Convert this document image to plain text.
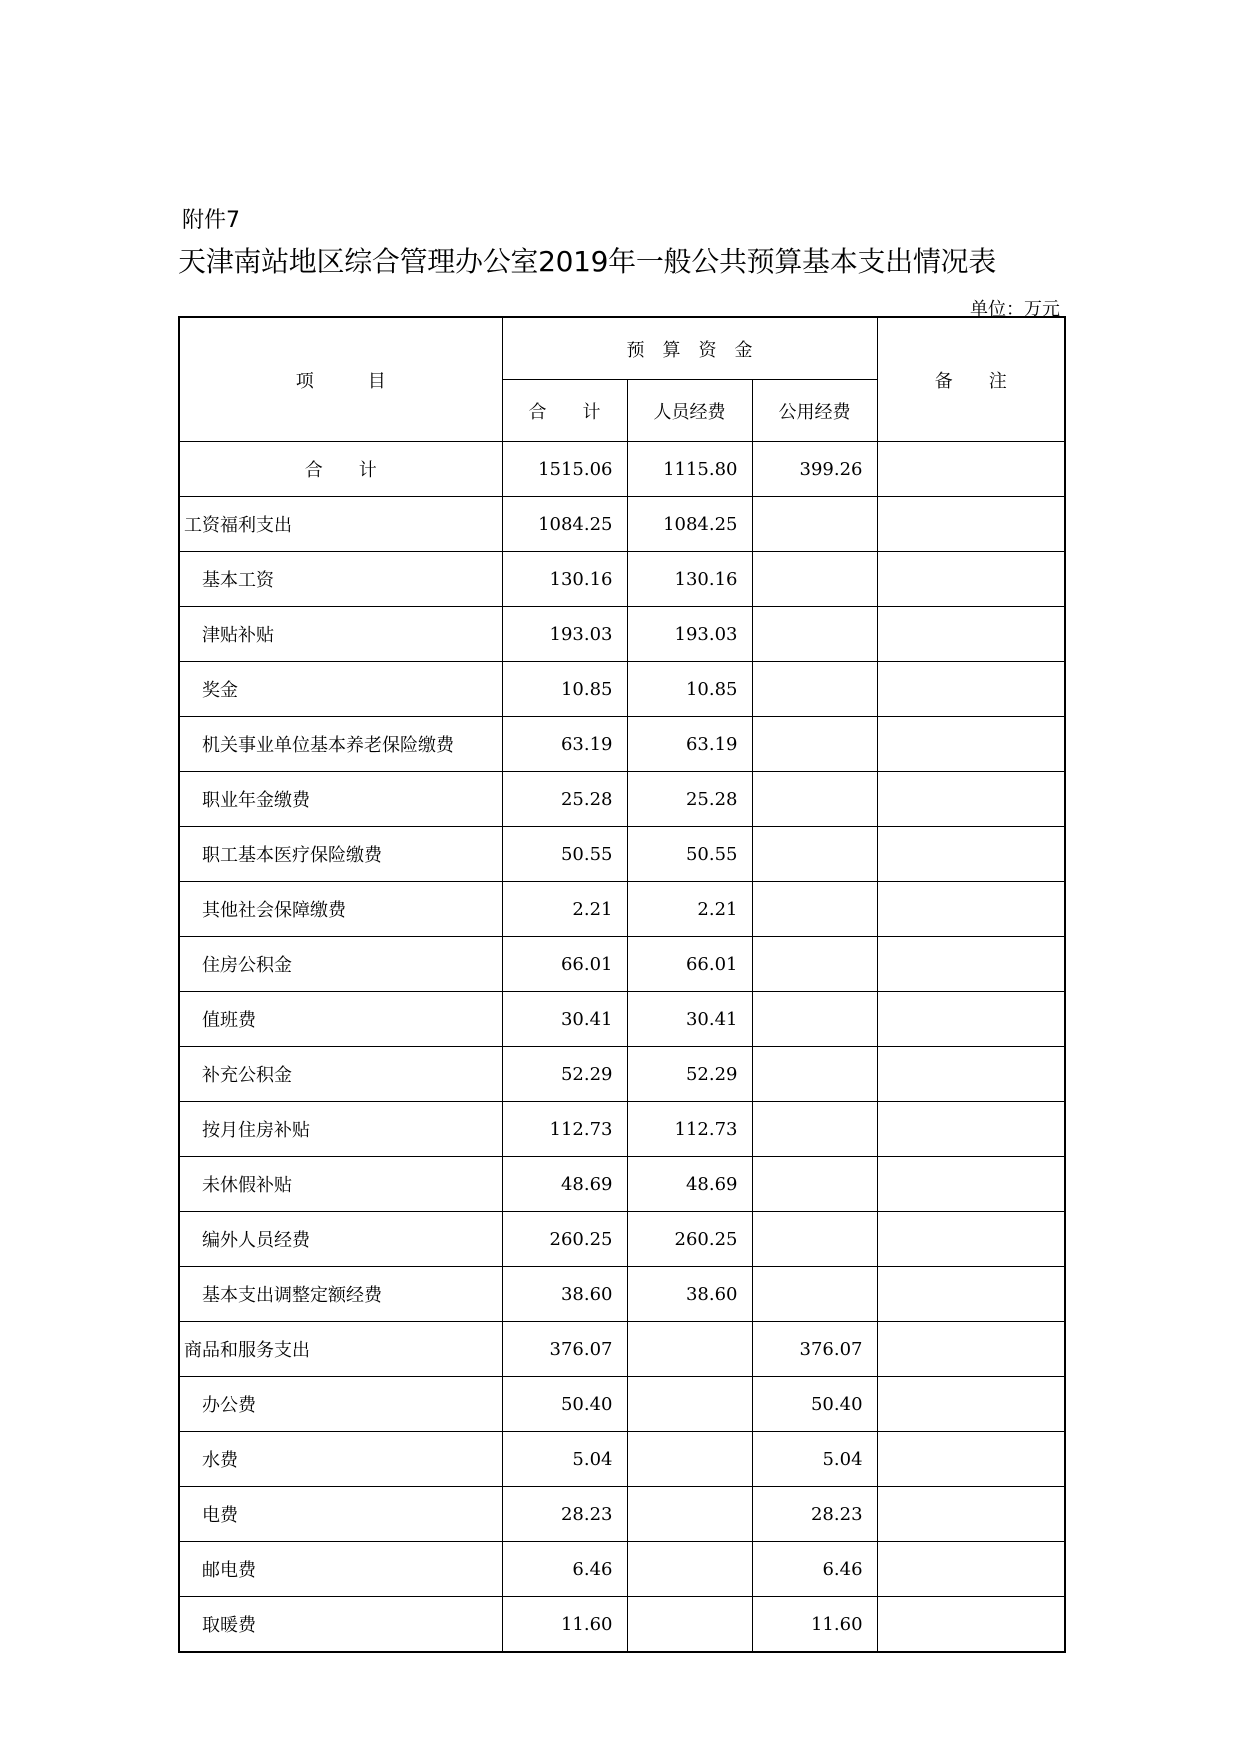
附件7
天津南站地区综合管理办公室2019年一般公共预算基本支出情况表
单位：万元
项　　　目	预　算　资　金			备　　注
	合　　计	人员经费	公用经费	
合　　计	1515.06	1115.80	399.26	
工资福利支出	1084.25	1084.25		
基本工资	130.16	130.16		
津贴补贴	193.03	193.03		
奖金	10.85	10.85		
机关事业单位基本养老保险缴费	63.19	63.19		
职业年金缴费	25.28	25.28		
职工基本医疗保险缴费	50.55	50.55		
其他社会保障缴费	2.21	2.21		
住房公积金	66.01	66.01		
值班费	30.41	30.41		
补充公积金	52.29	52.29		
按月住房补贴	112.73	112.73		
未休假补贴	48.69	48.69		
编外人员经费	260.25	260.25		
基本支出调整定额经费	38.60	38.60		
商品和服务支出	376.07		376.07	
办公费	50.40		50.40	
水费	5.04		5.04	
电费	28.23		28.23	
邮电费	6.46		6.46	
取暖费	11.60		11.60	
